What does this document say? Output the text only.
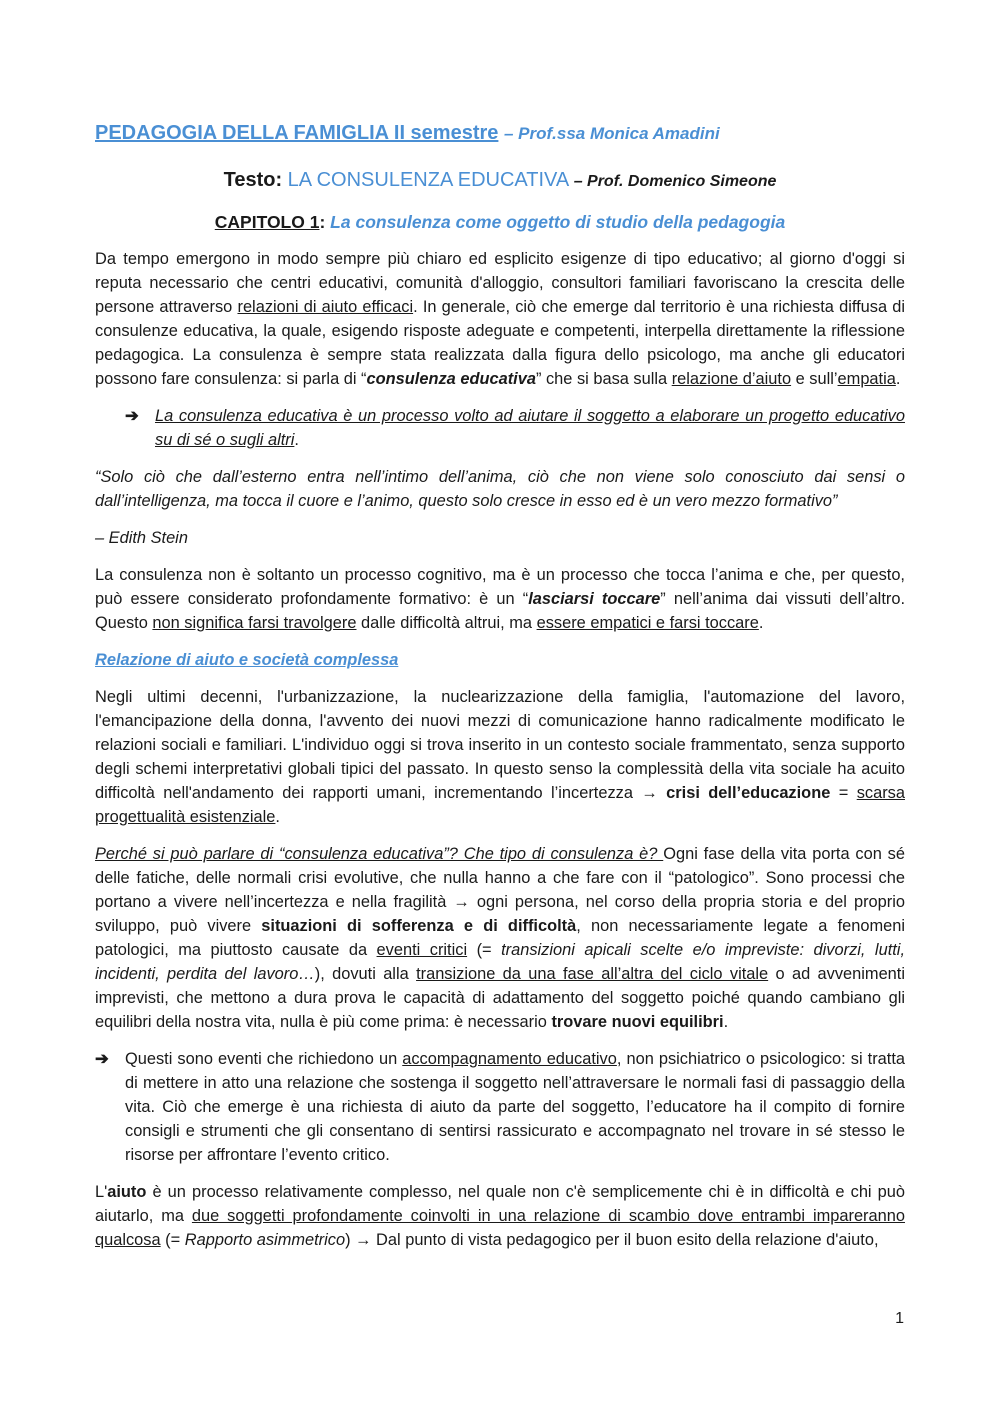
PEDAGOGIA DELLA FAMIGLIA II semestre – Prof.ssa Monica Amadini
Testo: LA CONSULENZA EDUCATIVA – Prof. Domenico Simeone
CAPITOLO 1: La consulenza come oggetto di studio della pedagogia

Da tempo emergono in modo sempre più chiaro ed esplicito esigenze di tipo educativo; al giorno d'oggi si reputa necessario che centri educativi, comunità d'alloggio, consultori familiari favoriscano la crescita delle persone attraverso relazioni di aiuto efficaci. In generale, ciò che emerge dal territorio è una richiesta diffusa di consulenze educativa, la quale, esigendo risposte adeguate e competenti, interpella direttamente la riflessione pedagogica. La consulenza è sempre stata realizzata dalla figura dello psicologo, ma anche gli educatori possono fare consulenza: si parla di “consulenza educativa” che si basa sulla relazione d’aiuto e sull’empatia.

➔ La consulenza educativa è un processo volto ad aiutare il soggetto a elaborare un progetto educativo su di sé o sugli altri.

“Solo ciò che dall’esterno entra nell’intimo dell’anima, ciò che non viene solo conosciuto dai sensi o dall’intelligenza, ma tocca il cuore e l’animo, questo solo cresce in esso ed è un vero mezzo formativo”

– Edith Stein

La consulenza non è soltanto un processo cognitivo, ma è un processo che tocca l’anima e che, per questo, può essere considerato profondamente formativo: è un “lasciarsi toccare” nell’anima dai vissuti dell’altro. Questo non significa farsi travolgere dalle difficoltà altrui, ma essere empatici e farsi toccare.

Relazione di aiuto e società complessa

Negli ultimi decenni, l'urbanizzazione, la nuclearizzazione della famiglia, l'automazione del lavoro, l'emancipazione della donna, l'avvento dei nuovi mezzi di comunicazione hanno radicalmente modificato le relazioni sociali e familiari. L'individuo oggi si trova inserito in un contesto sociale frammentato, senza supporto degli schemi interpretativi globali tipici del passato. In questo senso la complessità della vita sociale ha acuito difficoltà nell'andamento dei rapporti umani, incrementando l’incertezza → crisi dell’educazione = scarsa progettualità esistenziale.

Perché si può parlare di “consulenza educativa”? Che tipo di consulenza è? Ogni fase della vita porta con sé delle fatiche, delle normali crisi evolutive, che nulla hanno a che fare con il “patologico”. Sono processi che portano a vivere nell’incertezza e nella fragilità → ogni persona, nel corso della propria storia e del proprio sviluppo, può vivere situazioni di sofferenza e di difficoltà, non necessariamente legate a fenomeni patologici, ma piuttosto causate da eventi critici (= transizioni apicali scelte e/o impreviste: divorzi, lutti, incidenti, perdita del lavoro…), dovuti alla transizione da una fase all’altra del ciclo vitale o ad avvenimenti imprevisti, che mettono a dura prova le capacità di adattamento del soggetto poiché quando cambiano gli equilibri della nostra vita, nulla è più come prima: è necessario trovare nuovi equilibri.

➔ Questi sono eventi che richiedono un accompagnamento educativo, non psichiatrico o psicologico: si tratta di mettere in atto una relazione che sostenga il soggetto nell’attraversare le normali fasi di passaggio della vita. Ciò che emerge è una richiesta di aiuto da parte del soggetto, l’educatore ha il compito di fornire consigli e strumenti che gli consentano di sentirsi rassicurato e accompagnato nel trovare in sé stesso le risorse per affrontare l’evento critico.

L'aiuto è un processo relativamente complesso, nel quale non c'è semplicemente chi è in difficoltà e chi può aiutarlo, ma due soggetti profondamente coinvolti in una relazione di scambio dove entrambi impareranno qualcosa (= Rapporto asimmetrico) → Dal punto di vista pedagogico per il buon esito della relazione d'aiuto,

1
